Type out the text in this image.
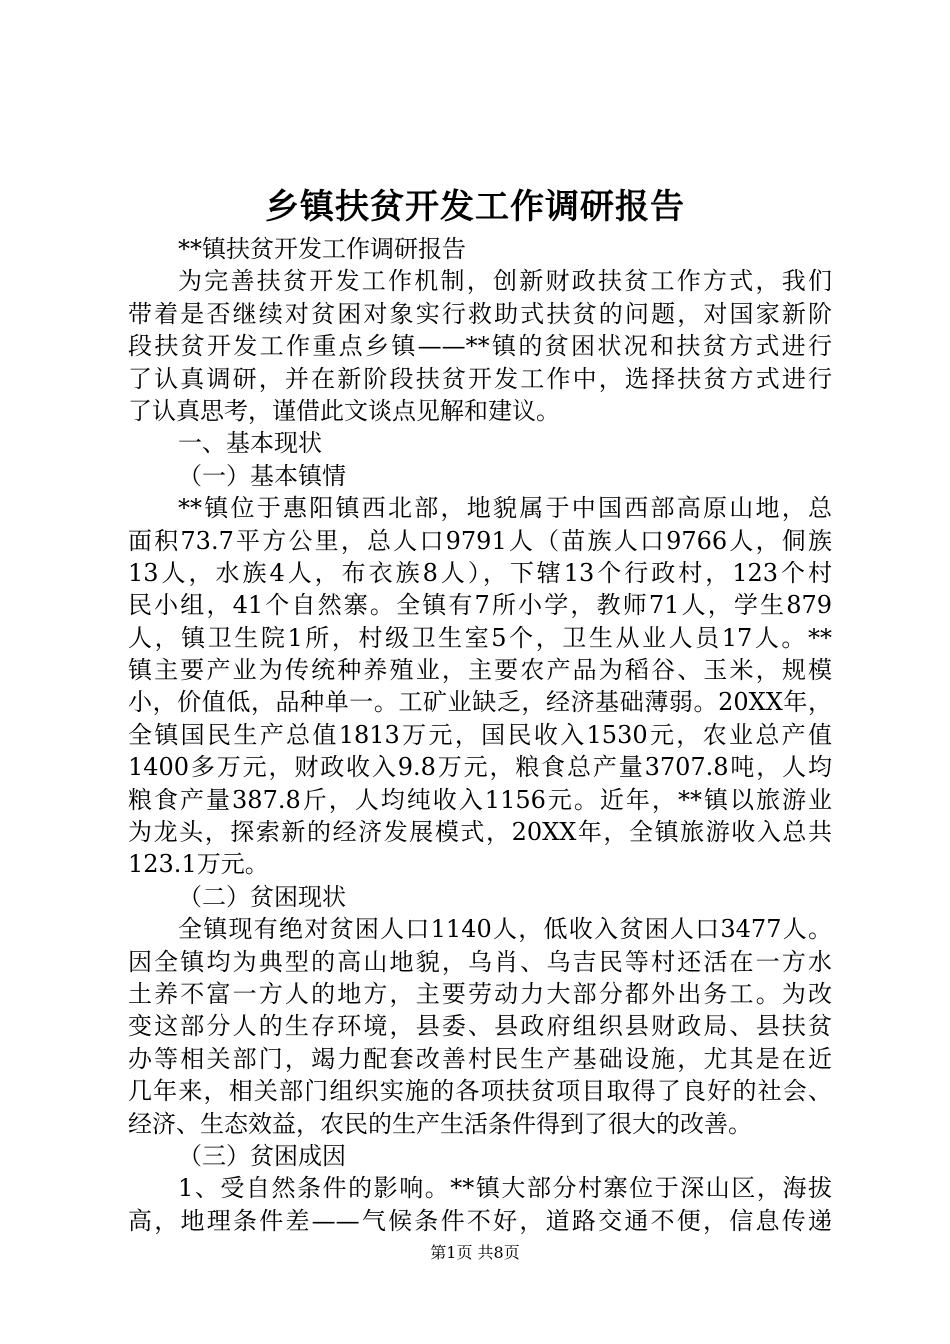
乡镇扶贫开发工作调研报告
**镇扶贫开发工作调研报告
为完善扶贫开发工作机制，创新财政扶贫工作方式，我们
带着是否继续对贫困对象实行救助式扶贫的问题，对国家新阶
段扶贫开发工作重点乡镇——**镇的贫困状况和扶贫方式进行
了认真调研，并在新阶段扶贫开发工作中，选择扶贫方式进行
了认真思考，谨借此文谈点见解和建议。
一、基本现状
（一）基本镇情
**镇位于惠阳镇西北部，地貌属于中国西部高原山地，总
面积73.7平方公里，总人口9791人（苗族人口9766人，侗族
13人，水族4人，布衣族8人），下辖13个行政村，123个村
民小组，41个自然寨。全镇有7所小学，教师71人，学生879
人，镇卫生院1所，村级卫生室5个，卫生从业人员17人。**
镇主要产业为传统种养殖业，主要农产品为稻谷、玉米，规模
小，价值低，品种单一。工矿业缺乏，经济基础薄弱。20XX年，
全镇国民生产总值1813万元，国民收入1530元，农业总产值
1400多万元，财政收入9.8万元，粮食总产量3707.8吨，人均
粮食产量387.8斤，人均纯收入1156元。近年，**镇以旅游业
为龙头，探索新的经济发展模式，20XX年，全镇旅游收入总共
123.1万元。
（二）贫困现状
全镇现有绝对贫困人口1140人，低收入贫困人口3477人。
因全镇均为典型的高山地貌，乌肖、乌吉民等村还活在一方水
土养不富一方人的地方，主要劳动力大部分都外出务工。为改
变这部分人的生存环境，县委、县政府组织县财政局、县扶贫
办等相关部门，竭力配套改善村民生产基础设施，尤其是在近
几年来，相关部门组织实施的各项扶贫项目取得了良好的社会、
经济、生态效益，农民的生产生活条件得到了很大的改善。
（三）贫困成因
1、受自然条件的影响。**镇大部分村寨位于深山区，海拔
高，地理条件差——气候条件不好，道路交通不便，信息传递
第1页 共8页
